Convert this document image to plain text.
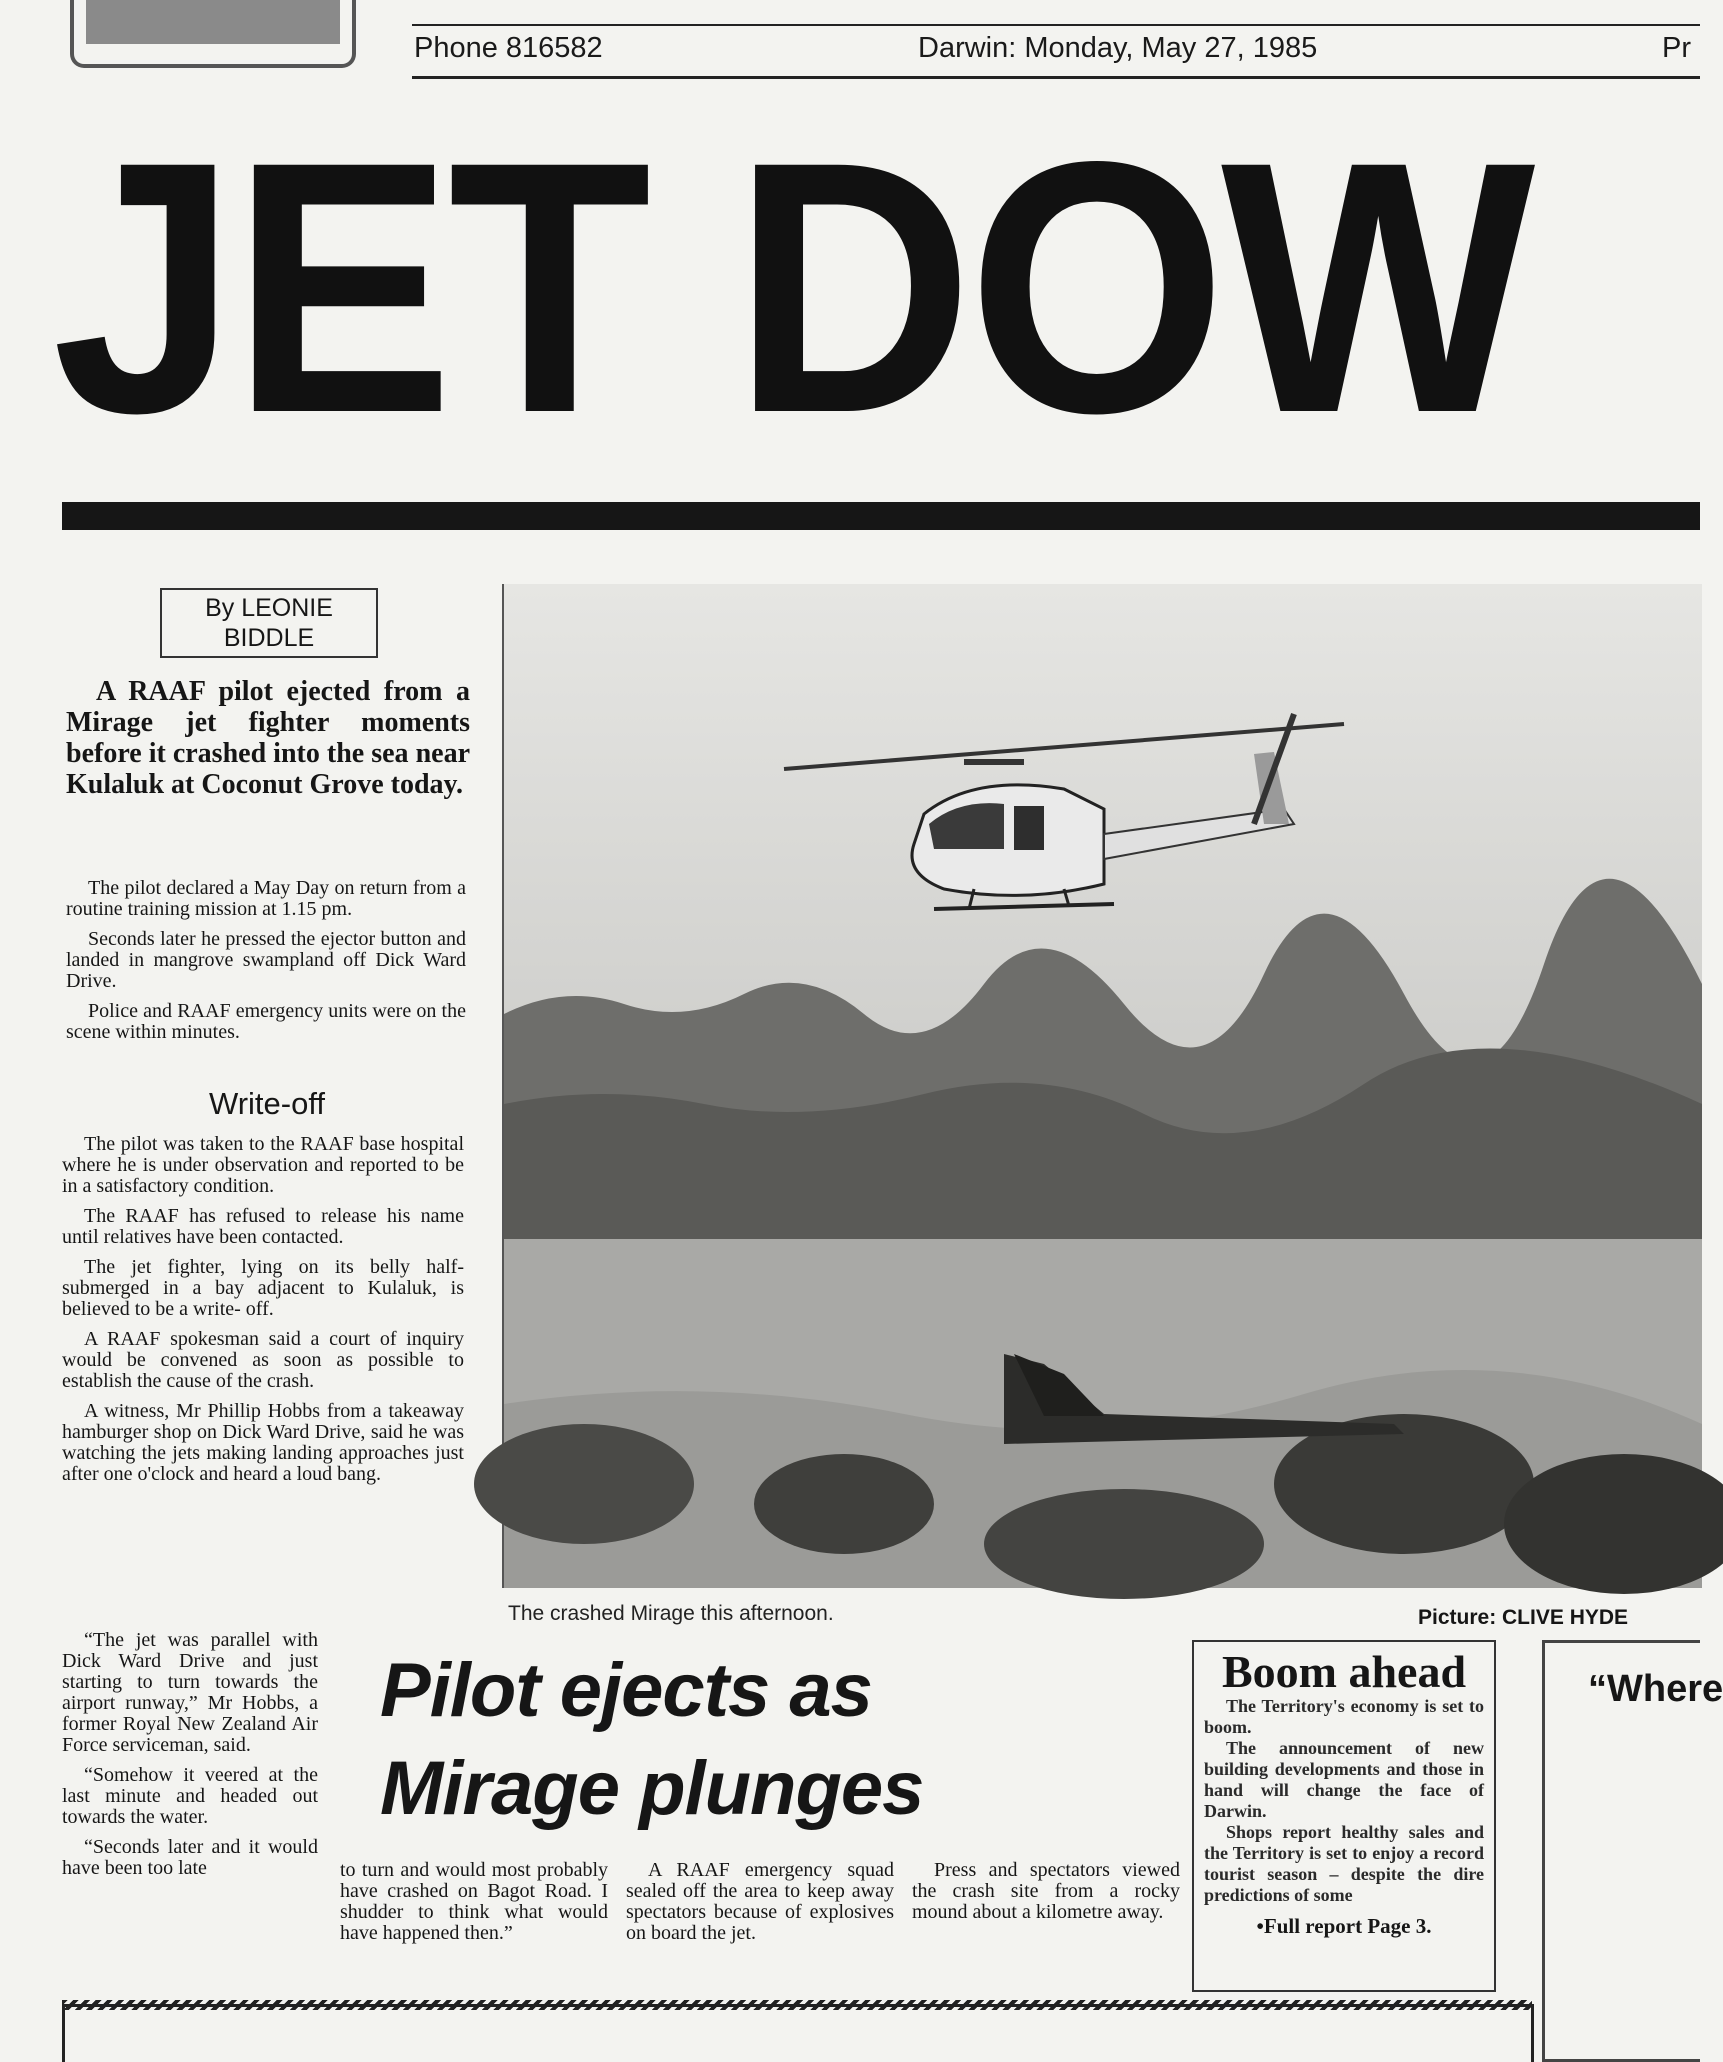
Phone 816582	Darwin: Monday, May 27, 1985	Pr
JET DOW
By LEONIE
BIDDLE
A RAAF pilot ejected from a Mirage jet fighter moments before it crashed into the sea near Kulaluk at Coconut Grove today.

The pilot declared a May Day on return from a routine training mission at 1.15 pm.

Seconds later he pressed the ejector button and landed in mangrove swampland off Dick Ward Drive.

Police and RAAF emergency units were on the scene within minutes.

Write-off

The pilot was taken to the RAAF base hospital where he is under observation and reported to be in a satisfactory condition.

The RAAF has refused to release his name until relatives have been contacted.

The jet fighter, lying on its belly half-submerged in a bay adjacent to Kulaluk, is believed to be a write- off.

A RAAF spokesman said a court of inquiry would be convened as soon as possible to establish the cause of the crash.

A witness, Mr Phillip Hobbs from a takeaway hamburger shop on Dick Ward Drive, said he was watching the jets making landing approaches just after one o'clock and heard a loud bang.

“The jet was parallel with Dick Ward Drive and just starting to turn towards the airport runway,” Mr Hobbs, a former Royal New Zealand Air Force serviceman, said.

“Somehow it veered at the last minute and headed out towards the water.

“Seconds later and it would have been too late

The crashed Mirage this afternoon.	Picture: CLIVE HYDE
Pilot ejects as
Mirage plunges

to turn and would most probably have crashed on Bagot Road. I shudder to think what would have happened then.”

A RAAF emergency squad sealed off the area to keep away spectators because of explosives on board the jet.

Press and spectators viewed the crash site from a rocky mound about a kilometre away.

Boom ahead

The Territory's economy is set to boom.

The announcement of new building developments and those in hand will change the face of Darwin.

Shops report healthy sales and the Territory is set to enjoy a record tourist season – despite the dire predictions of some

•Full report Page 3.
“Where
